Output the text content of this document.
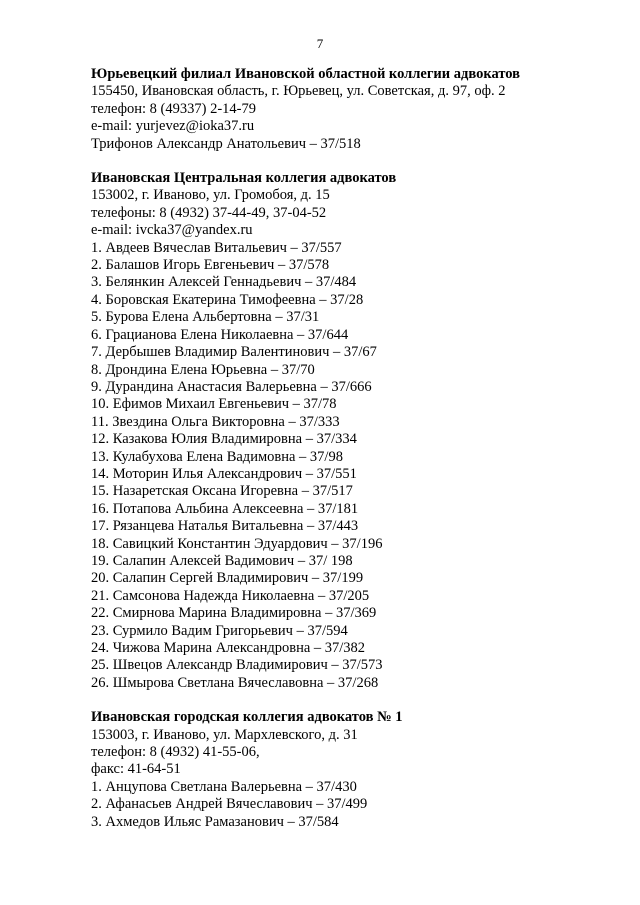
7
Юрьевецкий филиал Ивановской областной коллегии адвокатов
155450, Ивановская область, г. Юрьевец, ул. Советская, д. 97, оф. 2
телефон: 8 (49337) 2-14-79
e-mail: yurjevez@ioka37.ru
Трифонов Александр Анатольевич – 37/518
Ивановская Центральная коллегия адвокатов
153002, г. Иваново, ул. Громобоя, д. 15
телефоны: 8 (4932) 37-44-49, 37-04-52
e-mail: ivcka37@yandex.ru
1. Авдеев Вячеслав Витальевич – 37/557
2. Балашов Игорь Евгеньевич – 37/578
3. Белянкин Алексей Геннадьевич – 37/484
4. Боровская Екатерина Тимофеевна – 37/28
5. Бурова Елена Альбертовна – 37/31
6. Грацианова Елена Николаевна – 37/644
7. Дербышев Владимир Валентинович – 37/67
8. Дрондина Елена Юрьевна – 37/70
9. Дурандина Анастасия Валерьевна – 37/666
10. Ефимов Михаил Евгеньевич – 37/78
11. Звездина Ольга Викторовна – 37/333
12. Казакова Юлия Владимировна – 37/334
13. Кулабухова Елена Вадимовна – 37/98
14. Моторин Илья Александрович – 37/551
15. Назаретская Оксана Игоревна – 37/517
16. Потапова Альбина Алексеевна – 37/181
17. Рязанцева Наталья Витальевна – 37/443
18. Савицкий Константин Эдуардович – 37/196
19. Салапин Алексей Вадимович – 37/ 198
20. Салапин Сергей Владимирович – 37/199
21. Самсонова Надежда Николаевна – 37/205
22. Смирнова Марина Владимировна – 37/369
23. Сурмило Вадим Григорьевич – 37/594
24. Чижова Марина Александровна – 37/382
25. Швецов Александр Владимирович – 37/573
26. Шмырова Светлана Вячеславовна – 37/268
Ивановская городская коллегия адвокатов № 1
153003, г. Иваново, ул. Мархлевского, д. 31
телефон: 8 (4932) 41-55-06,
факс: 41-64-51
1. Анцупова Светлана Валерьевна – 37/430
2. Афанасьев Андрей Вячеславович – 37/499
3. Ахмедов Ильяс Рамазанович – 37/584
